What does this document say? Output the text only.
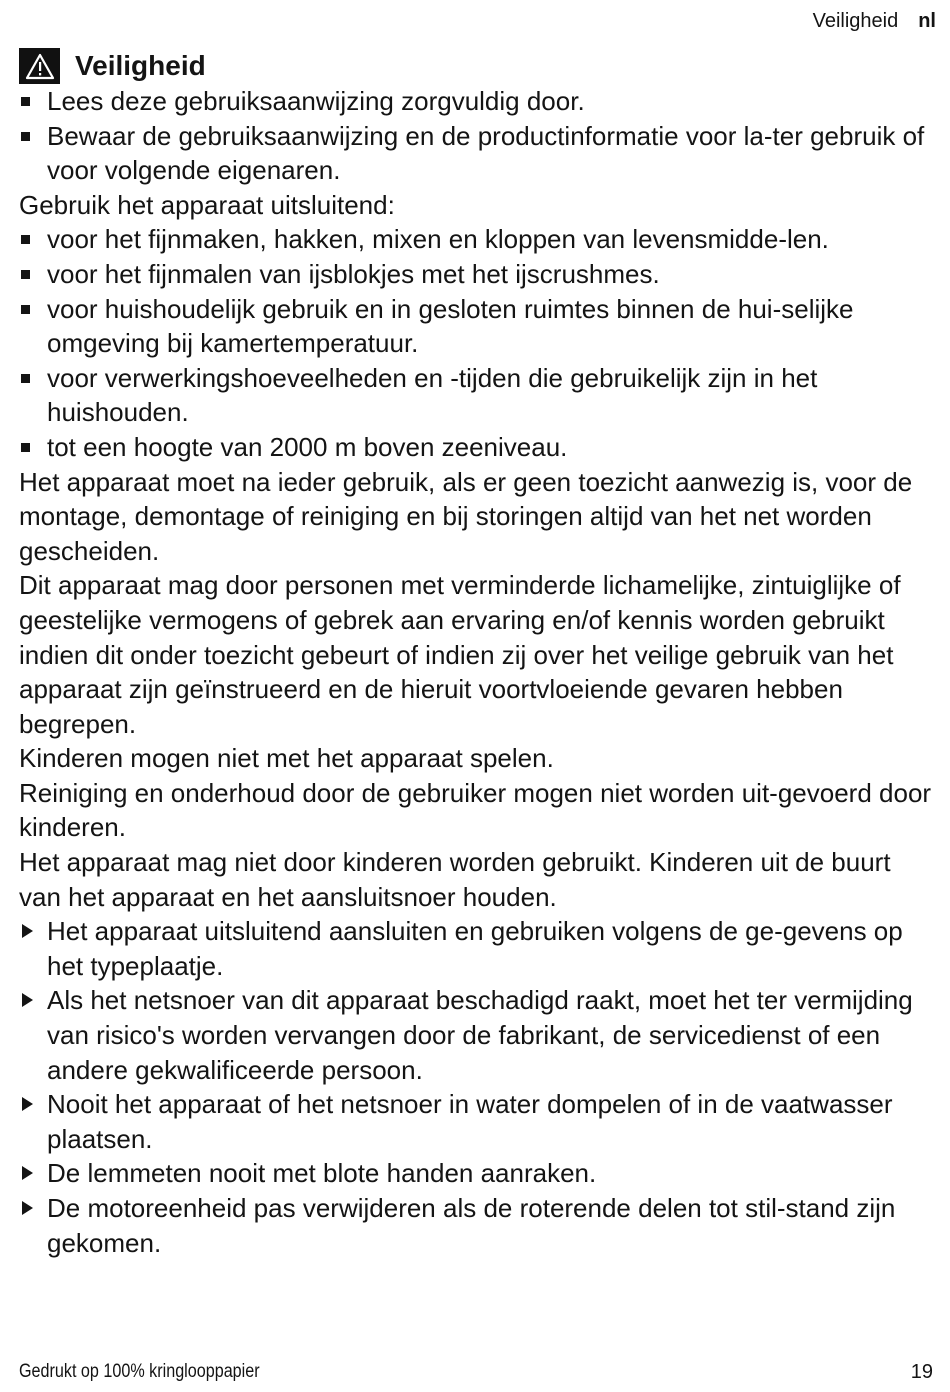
Veiligheid nl
Veiligheid
Lees deze gebruiksaanwijzing zorgvuldig door.
Bewaar de gebruiksaanwijzing en de productinformatie voor la-ter gebruik of voor volgende eigenaren.

Gebruik het apparaat uitsluitend:

voor het fijnmaken, hakken, mixen en kloppen van levensmidde-len.
voor het fijnmalen van ijsblokjes met het ijscrushmes.
voor huishoudelijk gebruik en in gesloten ruimtes binnen de hui-selijke omgeving bij kamertemperatuur.
voor verwerkingshoeveelheden en -tijden die gebruikelijk zijn in het huishouden.
tot een hoogte van 2000 m boven zeeniveau.

Het apparaat moet na ieder gebruik, als er geen toezicht aanwezig is, voor de montage, demontage of reiniging en bij storingen altijd van het net worden gescheiden.

Dit apparaat mag door personen met verminderde lichamelijke, zintuiglijke of geestelijke vermogens of gebrek aan ervaring en/of kennis worden gebruikt indien dit onder toezicht gebeurt of indien zij over het veilige gebruik van het apparaat zijn geïnstrueerd en de hieruit voortvloeiende gevaren hebben begrepen.

Kinderen mogen niet met het apparaat spelen.

Reiniging en onderhoud door de gebruiker mogen niet worden uit-gevoerd door kinderen.

Het apparaat mag niet door kinderen worden gebruikt. Kinderen uit de buurt van het apparaat en het aansluitsnoer houden.

Het apparaat uitsluitend aansluiten en gebruiken volgens de ge-gevens op het typeplaatje.
Als het netsnoer van dit apparaat beschadigd raakt, moet het ter vermijding van risico's worden vervangen door de fabrikant, de servicedienst of een andere gekwalificeerde persoon.
Nooit het apparaat of het netsnoer in water dompelen of in de vaatwasser plaatsen.
De lemmeten nooit met blote handen aanraken.
De motoreenheid pas verwijderen als de roterende delen tot stil-stand zijn gekomen.
Gedrukt op 100% kringlooppapier	19
